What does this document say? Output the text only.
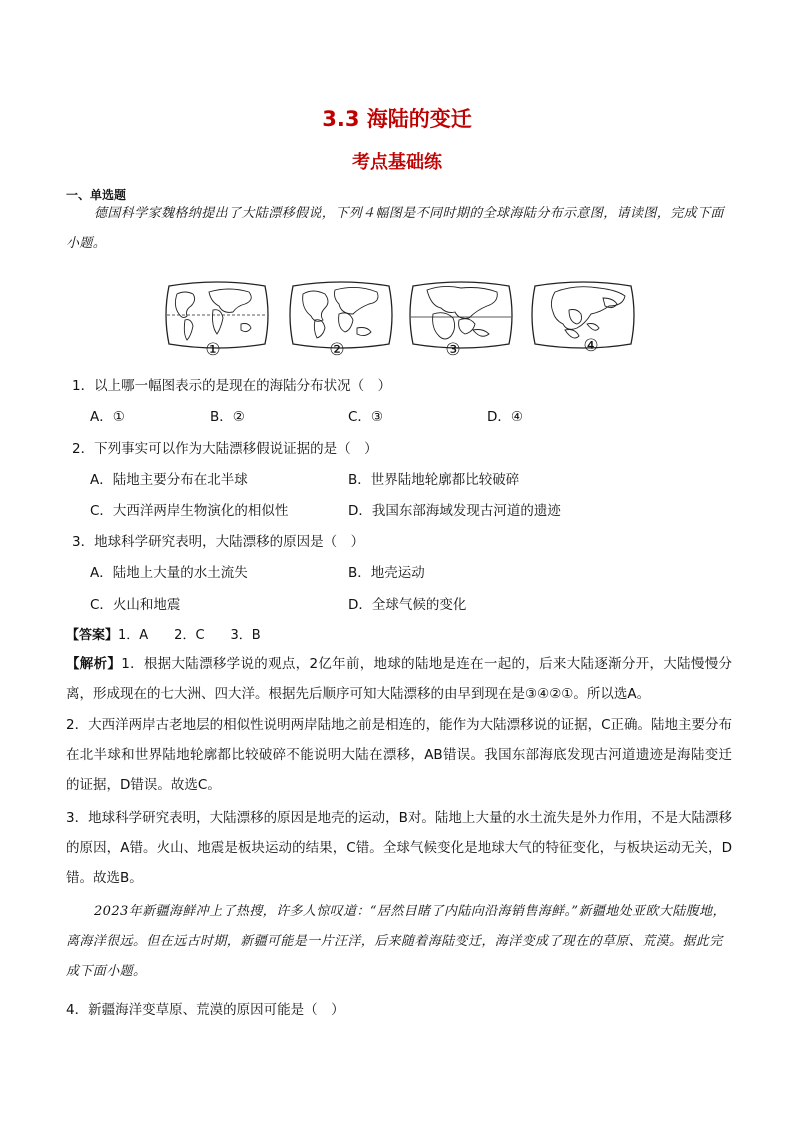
3.3 海陆的变迁
考点基础练
一、单选题
德国科学家魏格纳提出了大陆漂移假说，下列４幅图是不同时期的全球海陆分布示意图，请读图，完成下面小题。
①	②	③	④
1．以上哪一幅图表示的是现在的海陆分布状况（　）
A．①	B．②	C．③	D．④
2．下列事实可以作为大陆漂移假说证据的是（　）
A．陆地主要分布在北半球	B．世界陆地轮廓都比较破碎
C．大西洋两岸生物演化的相似性	D．我国东部海域发现古河道的遗迹
3．地球科学研究表明，大陆漂移的原因是（　）
A．陆地上大量的水土流失	B．地壳运动
C．火山和地震	D．全球气候的变化
【答案】1．A　　2．C　　3．B
【解析】1．根据大陆漂移学说的观点，2亿年前，地球的陆地是连在一起的，后来大陆逐渐分开，大陆慢慢分离，形成现在的七大洲、四大洋。根据先后顺序可知大陆漂移的由早到现在是③④②①。所以选A。
2．大西洋两岸古老地层的相似性说明两岸陆地之前是相连的，能作为大陆漂移说的证据，C正确。陆地主要分布在北半球和世界陆地轮廓都比较破碎不能说明大陆在漂移，AB错误。我国东部海底发现古河道遗迹是海陆变迁的证据，D错误。故选C。
3．地球科学研究表明，大陆漂移的原因是地壳的运动，B对。陆地上大量的水土流失是外力作用，不是大陆漂移的原因，A错。火山、地震是板块运动的结果，C错。全球气候变化是地球大气的特征变化，与板块运动无关，D错。故选B。
2023年新疆海鲜冲上了热搜，许多人惊叹道：“居然目睹了内陆向沿海销售海鲜。”新疆地处亚欧大陆腹地，离海洋很远。但在远古时期，新疆可能是一片汪洋，后来随着海陆变迁，海洋变成了现在的草原、荒漠。据此完成下面小题。
4．新疆海洋变草原、荒漠的原因可能是（　）
